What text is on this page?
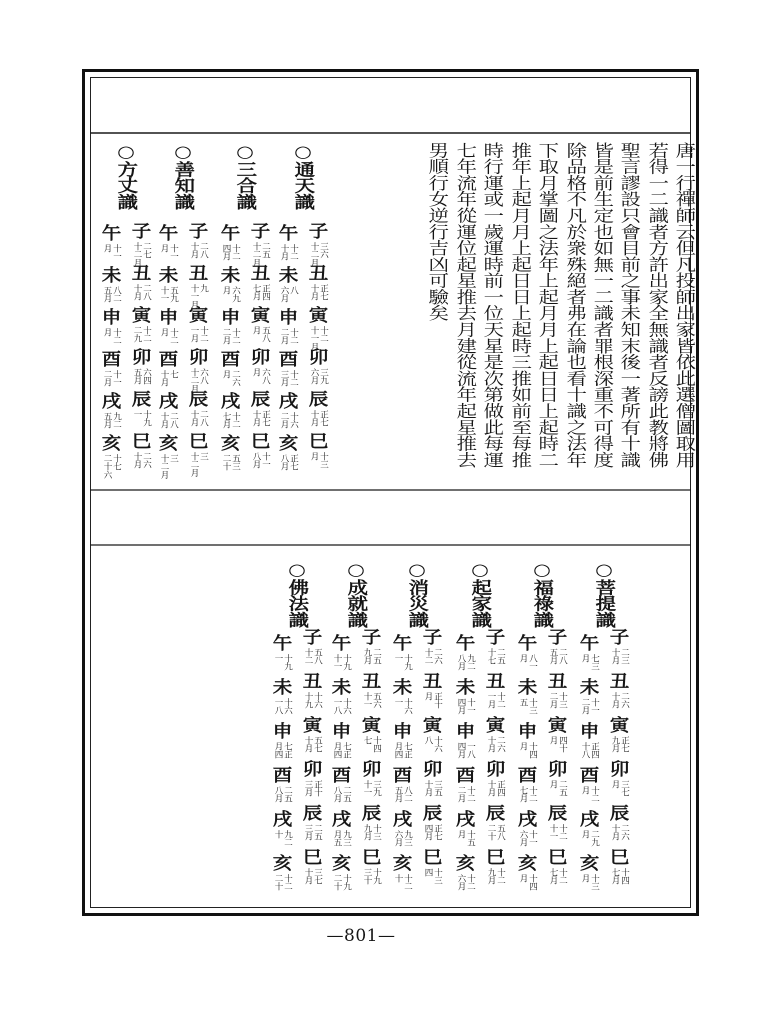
唐一行禪師云但凡投師出家皆依此選僧圖取用
若得一二識者方許出家全無識者反謗此教將佛
聖言謬設只會目前之事未知末後一著所有十識
皆是前生定也如無一二識者罪根深重不可得度
除品格不凡於衆殊絕者弗在論也看十識之法年
下取月掌圖之法年上起月月上起日日上起時二
推年上起月月上起日日上起時三推如前至每推
時行運或一歲運時前一位天星是次第做此每運
七年流年從運位起星推去月建從流年起星推去
男順行女逆行吉凶可驗矣
○通天識
子
三六
十二月
丑
正七
十月
寅
十二
十一月
卯
三九
六月
辰
正七
十月
巳
十三
月
午
十二
十月
未
八
六月
申
十二
二月
酉
十二
三月
戌
十六
二月
亥
正七
八月
○三合識
子
二五
十二月
丑
正四
七月
寅
五八
月
卯
六八
月
辰
正七
十月
巳
十一
八月
午
十二
四月
未
六九
月
申
十二
二月
酉
二六
月
戌
十二
七月
亥
五三
二十
○善知識
子
二八
十月
丑
九
十一月
寅
十二
一月
卯
六八
十二月
辰
二八
十月
巳
三
十二月
午
十一
月
未
五九
十一
申
十二
月
酉
七
十月
戌
二八
十月
亥
三
十二月
○方丈識
子
二七
十二月
丑
二八
十月
寅
十二
二九
卯
六四
五月
辰
十九
一
巳
二六
十月
午
十一
月
未
八二
五月
申
十二
月
酉
十一
二月
戌
九二
五月
亥
十七
二十六
○菩提識
子
二三
十月
丑
二六
十月
寅
正七
九月
卯
三七
月
辰
二六
十月
巳
十四
七月
午
七三
月
未
十一
二月
申
正四
十八
酉
十二
月
戌
二九
月
亥
十三
月
○福祿識
子
二八
五月
丑
十三
二月
寅
四十
月
卯
二五
月
辰
十二
十一
巳
十二
七月
午
八一
月
未
十三
五
申
十四
月
酉
十二
七月
戌
十一
六月
亥
十四
月
○起家識
子
二五
十七
丑
十二
一月
寅
二六
十月
卯
正四
十月
辰
五八
二十
巳
十二
九月
午
九二
八月
未
十一
四月
申
一八
四月
酉
十二
二月
戌
十五
月
亥
十二
六月
○消災識
子
二六
十二
丑
正十
月
寅
十六
八
卯
三五
十月
辰
正七
四月
巳
十三
四
午
十九
一
未
十六
一
申
七正
月四
酉
八二
五月
戌
九三
六月
亥
十二
十
○成就識
子
二五
九月
丑
五六
十一
寅
十四
七
卯
三九
十一
辰
十三
九月
巳
十九
三十
午
十九
十一
未
十六
一八
申
七正
月四
酉
二五
八月
戌
九三
月五
亥
十九
二十
○佛法識
子
五八
十二
丑
十六
十九
寅
五七
十月
卯
正十
三月
辰
二五
三月
巳
三七
十月
午
十九
一
未
十六
一八
申
七正
月四
酉
二五
八月
戌
九二
十
亥
十二
二十
—801—
